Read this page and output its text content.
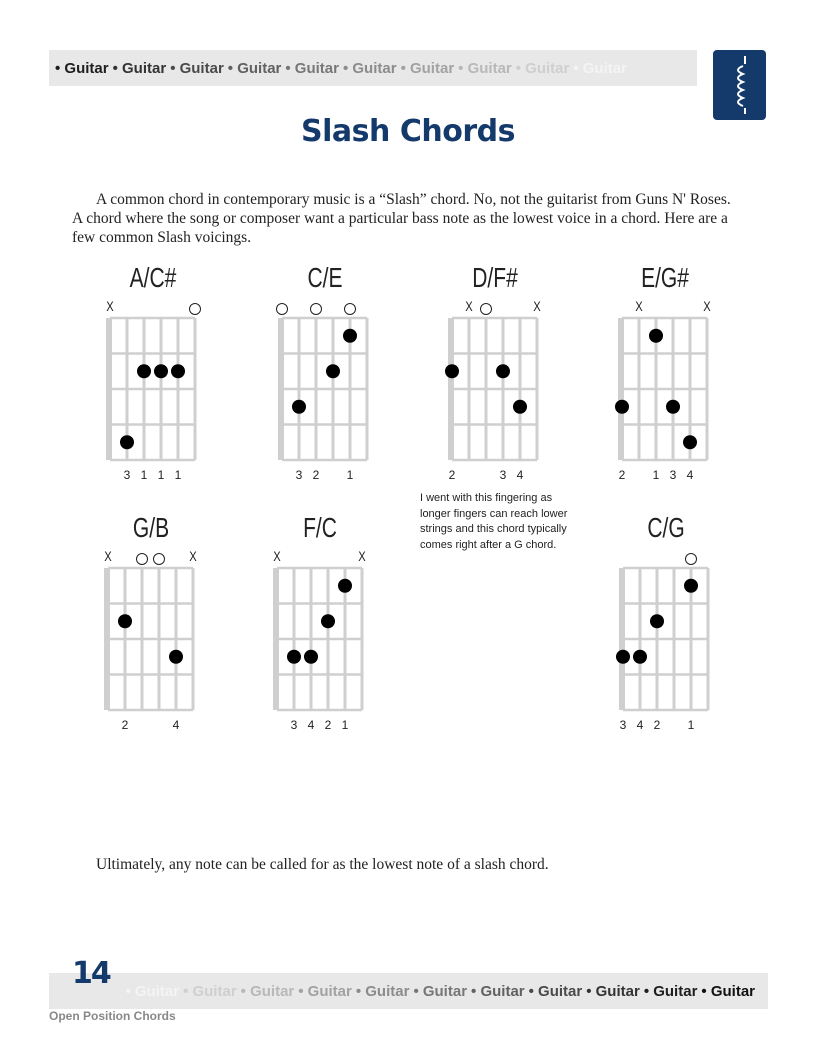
• Guitar • Guitar • Guitar • Guitar • Guitar • Guitar • Guitar • Guitar • Guitar • Guitar
Slash Chords

A common chord in contemporary music is a “Slash” chord. No, not the guitarist from Guns N' Roses. A chord where the song or composer want a particular bass note as the lowest voice in a chord. Here are a few common Slash voicings.

A/C#
X
3 1 1 1
C/E
3 2 1
D/F#
X	X
2	3 4
E/G#
X	X
2 1 3 4
G/B
X	X
2	4
F/C
X	X
3 4 2 1
C/G
3 4 2 1
I went with this fingering as longer fingers can reach lower strings and this chord typically comes right after a G chord.

Ultimately, any note can be called for as the lowest note of a slash chord.

• Guitar • Guitar • Guitar • Guitar • Guitar • Guitar • Guitar • Guitar • Guitar • Guitar • Guitar
14
Open Position Chords
